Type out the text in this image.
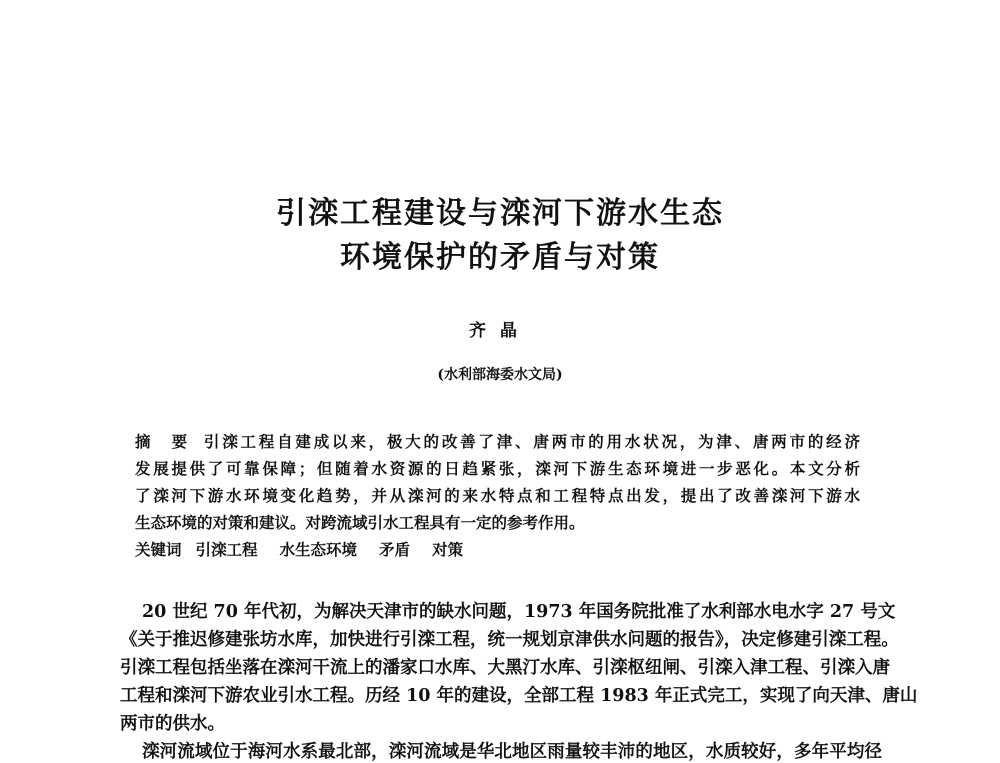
引滦工程建设与滦河下游水生态
环境保护的矛盾与对策
齐晶
(水利部海委水文局)
摘　要 引滦工程自建成以来，极大的改善了津、唐两市的用水状况，为津、唐两市的经济
发展提供了可靠保障；但随着水资源的日趋紧张，滦河下游生态环境进一步恶化。本文分析
了滦河下游水环境变化趋势，并从滦河的来水特点和工程特点出发，提出了改善滦河下游水
生态环境的对策和建议。对跨流域引水工程具有一定的参考作用。
关键词 引滦工程 水生态环境 矛盾 对策
20 世纪 70 年代初，为解决天津市的缺水问题，1973 年国务院批准了水利部水电水字 27 号文
《关于推迟修建张坊水库，加快进行引滦工程，统一规划京津供水问题的报告》，决定修建引滦工程。
引滦工程包括坐落在滦河干流上的潘家口水库、大黑汀水库、引滦枢纽闸、引滦入津工程、引滦入唐
工程和滦河下游农业引水工程。历经 10 年的建设，全部工程 1983 年正式完工，实现了向天津、唐山
两市的供水。
滦河流域位于海河水系最北部，滦河流域是华北地区雨量较丰沛的地区，水质较好，多年平均径
